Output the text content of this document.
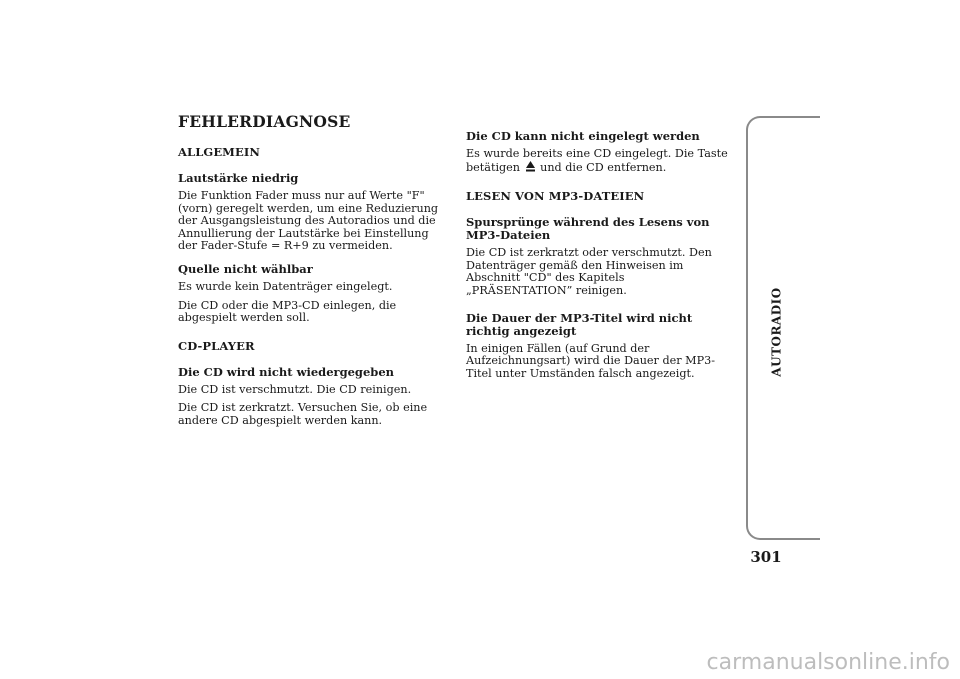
FEHLERDIAGNOSE
ALLGEMEIN
Lautstärke niedrig
Die Funktion Fader muss nur auf Werte "F" (vorn) geregelt werden, um eine Reduzierung der Ausgangsleistung des Autoradios und die Annullierung der Lautstärke bei Einstellung der Fader-Stufe = R+9 zu vermeiden.
Quelle nicht wählbar
Es wurde kein Datenträger eingelegt.
Die CD oder die MP3-CD einlegen, die abgespielt werden soll.
CD-PLAYER
Die CD wird nicht wiedergegeben
Die CD ist verschmutzt. Die CD reinigen.
Die CD ist zerkratzt. Versuchen Sie, ob eine andere CD abgespielt werden kann.
Die CD kann nicht eingelegt werden
Es wurde bereits eine CD eingelegt. Die Taste betätigen und die CD entfernen.
LESEN VON MP3-DATEIEN
Spursprünge während des Lesens von MP3-Dateien
Die CD ist zerkratzt oder verschmutzt. Den Datenträger gemäß den Hinweisen im Abschnitt "CD" des Kapitels „PRÄSENTATION” reinigen.
Die Dauer der MP3-Titel wird nicht richtig angezeigt
In einigen Fällen (auf Grund der Aufzeichnungsart) wird die Dauer der MP3-Titel unter Umständen falsch angezeigt.	AUTORADIO
301
carmanualsonline.info
